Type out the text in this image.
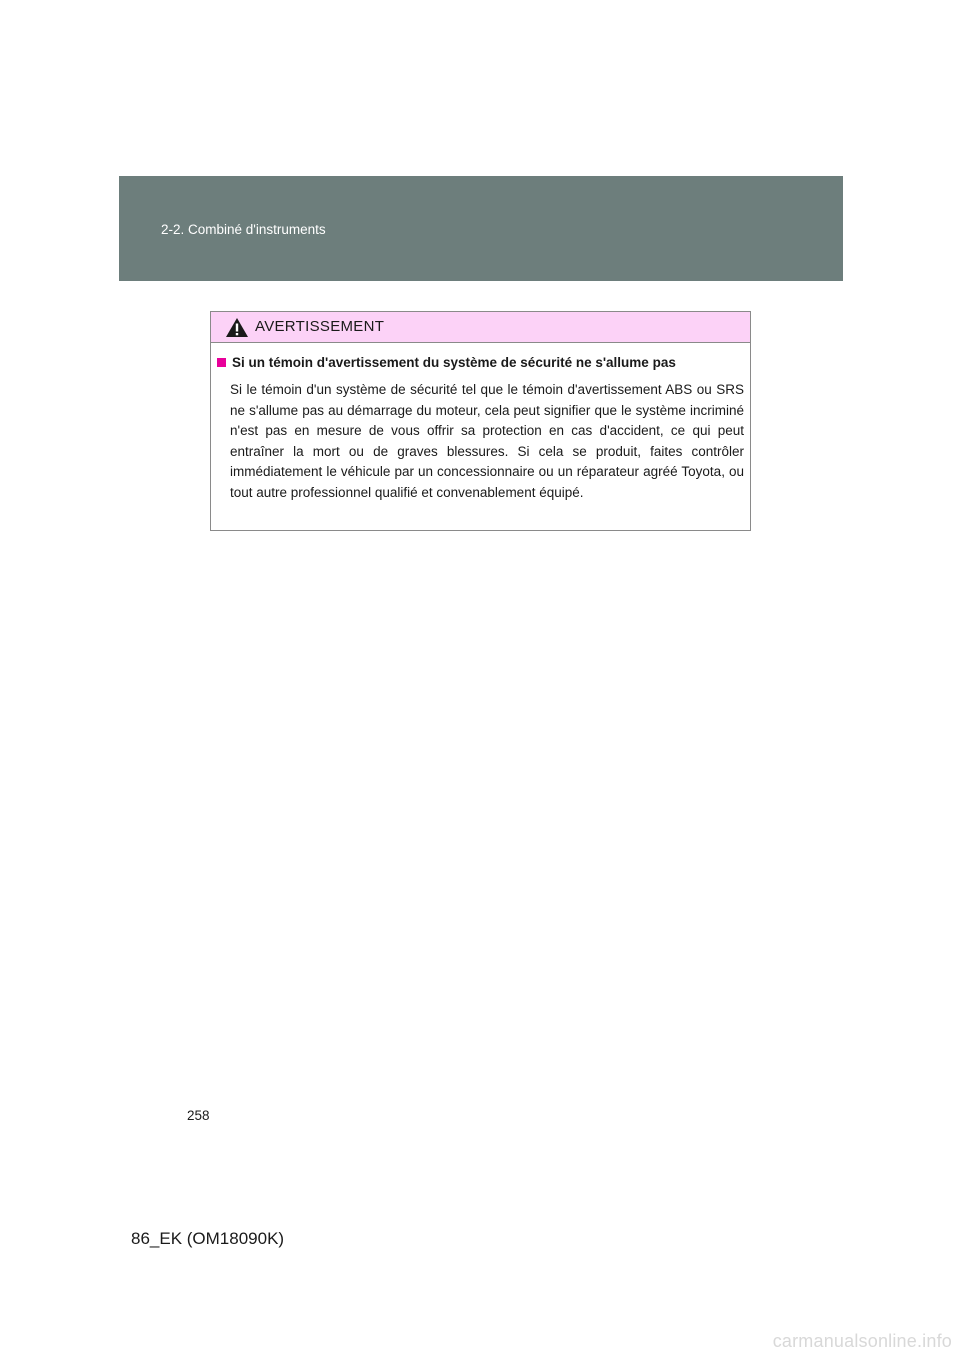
2-2. Combiné d'instruments
AVERTISSEMENT
Si un témoin d'avertissement du système de sécurité ne s'allume pas
Si le témoin d'un système de sécurité tel que le témoin d'avertissement ABS ou SRS ne s'allume pas au démarrage du moteur, cela peut signifier que le système incriminé n'est pas en mesure de vous offrir sa protection en cas d'accident, ce qui peut entraîner la mort ou de graves blessures. Si cela se produit, faites contrôler immédiatement le véhicule par un concessionnaire ou un réparateur agréé Toyota, ou tout autre professionnel qualifié et convenablement équipé.
258
86_EK (OM18090K)
carmanualsonline.info
